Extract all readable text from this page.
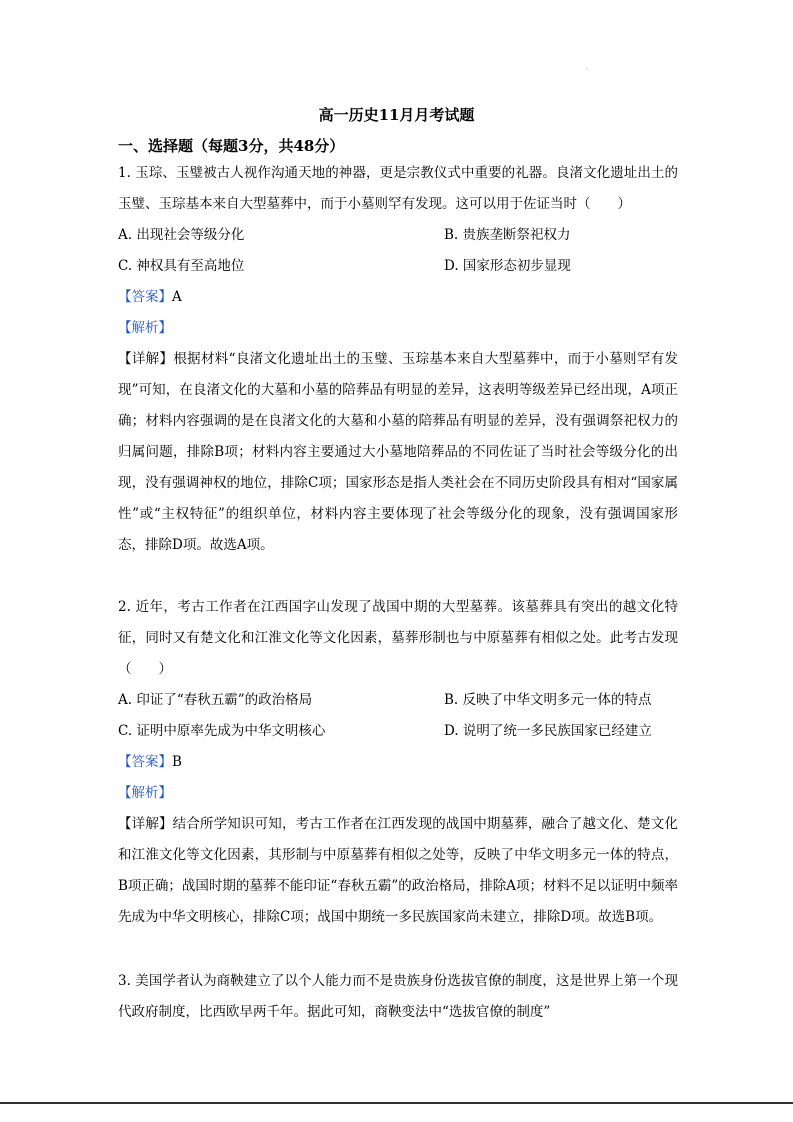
.
高一历史11月月考试题
一、选择题（每题3分，共48分）

1. 玉琮、玉璧被古人视作沟通天地的神器，更是宗教仪式中重要的礼器。良渚文化遗址出土的玉璧、玉琮基本来自大型墓葬中，而于小墓则罕有发现。这可以用于佐证当时（　　）

A. 出现社会等级分化	B. 贵族垄断祭祀权力
C. 神权具有至高地位	D. 国家形态初步显现

【答案】A

【解析】

【详解】根据材料“良渚文化遗址出土的玉璧、玉琮基本来自大型墓葬中，而于小墓则罕有发现”可知，在良渚文化的大墓和小墓的陪葬品有明显的差异，这表明等级差异已经出现，A项正确；材料内容强调的是在良渚文化的大墓和小墓的陪葬品有明显的差异，没有强调祭祀权力的归属问题，排除B项；材料内容主要通过大小墓地陪葬品的不同佐证了当时社会等级分化的出现，没有强调神权的地位，排除C项；国家形态是指人类社会在不同历史阶段具有相对“国家属性”或“主权特征”的组织单位，材料内容主要体现了社会等级分化的现象，没有强调国家形态，排除D项。故选A项。

2. 近年，考古工作者在江西国字山发现了战国中期的大型墓葬。该墓葬具有突出的越文化特征，同时又有楚文化和江淮文化等文化因素，墓葬形制也与中原墓葬有相似之处。此考古发现（　　）

A. 印证了“春秋五霸”的政治格局	B. 反映了中华文明多元一体的特点
C. 证明中原率先成为中华文明核心	D. 说明了统一多民族国家已经建立

【答案】B

【解析】

【详解】结合所学知识可知，考古工作者在江西发现的战国中期墓葬，融合了越文化、楚文化和江淮文化等文化因素，其形制与中原墓葬有相似之处等，反映了中华文明多元一体的特点，B项正确；战国时期的墓葬不能印证“春秋五霸”的政治格局，排除A项；材料不足以证明中频率先成为中华文明核心，排除C项；战国中期统一多民族国家尚未建立，排除D项。故选B项。

3. 美国学者认为商鞅建立了以个人能力而不是贵族身份选拔官僚的制度，这是世界上第一个现代政府制度，比西欧早两千年。据此可知，商鞅变法中“选拔官僚的制度”
